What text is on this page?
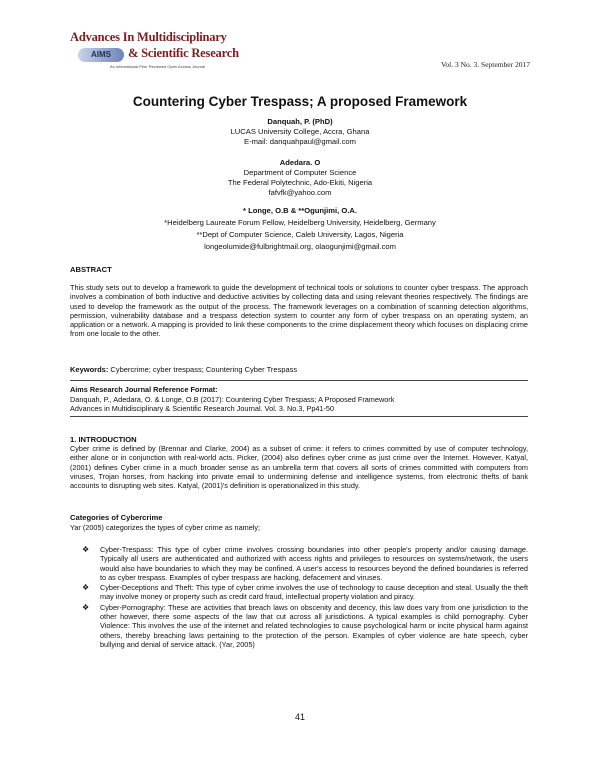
Advances In Multidisciplinary
AIMS	& Scientific Research
An International Peer Reviewed Open Access Journal	Vol. 3 No. 3. September 2017
Countering Cyber Trespass; A proposed Framework
Danquah, P. (PhD)
LUCAS University College, Accra, Ghana
E-mail: danquahpaul@gmail.com
Adedara. O
Department of Computer Science
The Federal Polytechnic, Ado-Ekiti, Nigeria
fafvfk@yahoo.com
* Longe, O.B & **Ogunjimi, O.A.
*Heidelberg Laureate Forum Fellow, Heidelberg University, Heidelberg, Germany
**Dept of Computer Science, Caleb University, Lagos, Nigeria
longeolumide@fulbrightmail.org, olaogunjimi@gmail.com
ABSTRACT

This study sets out to develop a framework to guide the development of technical tools or solutions to counter cyber trespass. The approach involves a combination of both inductive and deductive activities by collecting data and using relevant theories respectively. The findings are used to develop the framework as the output of the process. The framework leverages on a combination of scanning detection algorithms, permission, vulnerability database and a trespass detection system to counter any form of cyber trespass on an operating system, an application or a network. A mapping is provided to link these components to the crime displacement theory which focuses on displacing crime from one locale to the other.

Keywords: Cybercrime; cyber trespass; Countering Cyber Trespass
Aims Research Journal Reference Format:
Danquah, P., Adedara, O. & Longe, O.B (2017): Countering Cyber Trespass; A Proposed Framework
Advances in Multidisciplinary & Scientific Research Journal. Vol. 3. No.3, Pp41-50
1. INTRODUCTION

Cyber crime is defined by (Brennar and Clarke, 2004) as a subset of crime: it refers to crimes committed by use of computer technology, either alone or in conjunction with real-world acts. Picker, (2004) also defines cyber crime as just crime over the Internet. However, Katyal, (2001) defines Cyber crime in a much broader sense as an umbrella term that covers all sorts of crimes committed with computers from viruses, Trojan horses, from hacking into private email to undermining defense and intelligence systems, from electronic thefts of bank accounts to disrupting web sites. Katyal, (2001)'s definition is operationalized in this study.

Categories of Cybercrime
Yar (2005) categorizes the types of cyber crime as namely;
❖ Cyber-Trespass: This type of cyber crime involves crossing boundaries into other people's property and/or causing damage. Typically all users are authenticated and authorized with access rights and privileges to resources on systems/network, the users would also have boundaries to which they may be confined. A user's access to resources beyond the defined boundaries is referred to as cyber trespass. Examples of cyber trespass are hacking, defacement and viruses.
❖ Cyber-Deceptions and Theft: This type of cyber crime involves the use of technology to cause deception and steal. Usually the theft may involve money or property such as credit card fraud, intellectual property violation and piracy.
❖ Cyber-Pornography: These are activities that breach laws on obscenity and decency, this law does vary from one jurisdiction to the other however, there some aspects of the law that cut across all jurisdictions. A typical examples is child pornography. Cyber Violence: This involves the use of the internet and related technologies to cause psychological harm or incite physical harm against others, thereby breaching laws pertaining to the protection of the person. Examples of cyber violence are hate speech, cyber bullying and denial of service attack. (Yar, 2005)
41
